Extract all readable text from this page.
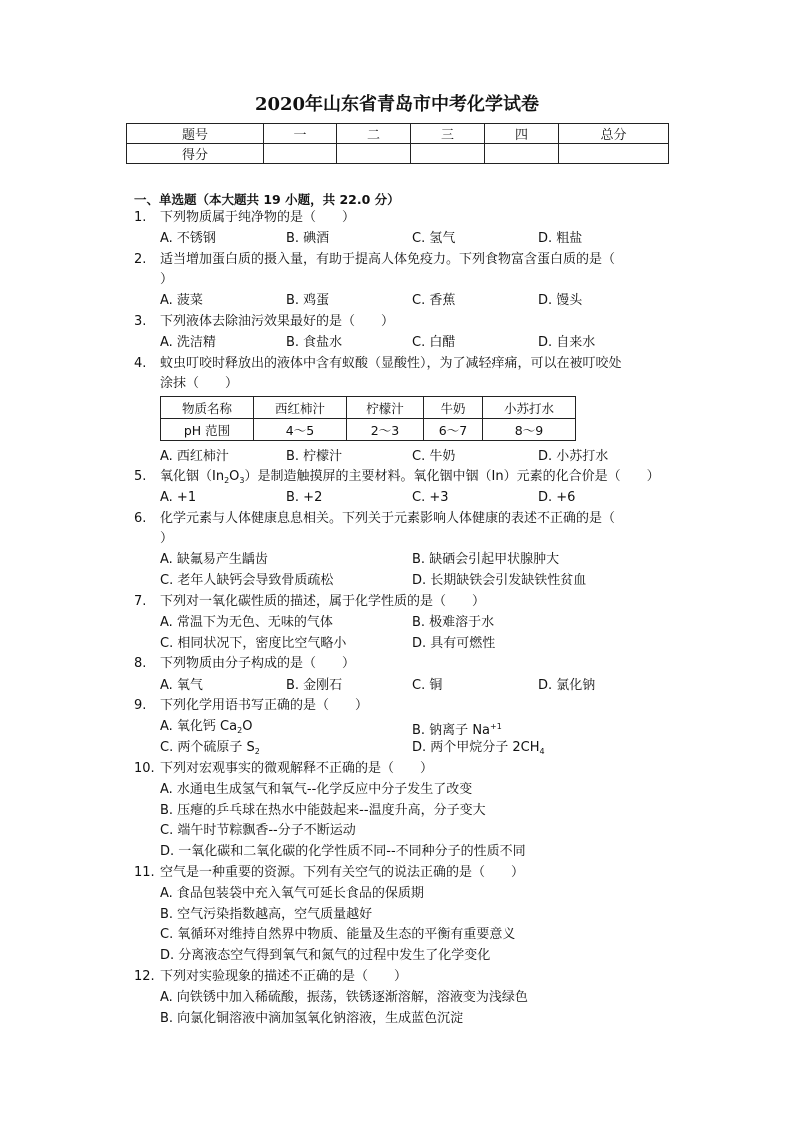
2020年山东省青岛市中考化学试卷
题号	一	二	三	四	总分
得分					
一、单选题（本大题共 19 小题，共 22.0 分）
1. 下列物质属于纯净物的是（　　）
A. 不锈钢	B. 碘酒	C. 氢气	D. 粗盐
2. 适当增加蛋白质的摄入量，有助于提高人体免疫力。下列食物富含蛋白质的是（
）
A. 菠菜	B. 鸡蛋	C. 香蕉	D. 馒头
3. 下列液体去除油污效果最好的是（　　）
A. 洗洁精	B. 食盐水	C. 白醋	D. 自来水
4. 蚊虫叮咬时释放出的液体中含有蚁酸（显酸性），为了减轻痒痛，可以在被叮咬处
涂抹（　　）
物质名称	西红柿汁	柠檬汁	牛奶	小苏打水
pH 范围	4～5	2～3	6～7	8～9
A. 西红柿汁	B. 柠檬汁	C. 牛奶	D. 小苏打水
5. 氧化铟$(In_2O_3)$是制造触摸屏的主要材料。氧化铟中铟（In）元素的化合价是（　　）
A. +1	B. +2	C. +3	D. +6
6. 化学元素与人体健康息息相关。下列关于元素影响人体健康的表述不正确的是（
）
A. 缺氟易产生龋齿	B. 缺硒会引起甲状腺肿大
C. 老年人缺钙会导致骨质疏松	D. 长期缺铁会引发缺铁性贫血
7. 下列对一氧化碳性质的描述，属于化学性质的是（　　）
A. 常温下为无色、无味的气体	B. 极难溶于水
C. 相同状况下，密度比空气略小	D. 具有可燃性
8. 下列物质由分子构成的是（　　）
A. 氧气	B. 金刚石	C. 铜	D. 氯化钠
9. 下列化学用语书写正确的是（　　）
A. 氧化钙 $Ca_2O$	B. 钠离子 $Na^{+1}$
C. 两个硫原子 $S_2$	D. 两个甲烷分子 $2CH_4$
10. 下列对宏观事实的微观解释不正确的是（　　）
A. 水通电生成氢气和氧气--化学反应中分子发生了改变
B. 压瘪的乒乓球在热水中能鼓起来--温度升高，分子变大
C. 端午时节粽飘香--分子不断运动
D. 一氧化碳和二氧化碳的化学性质不同--不同种分子的性质不同
11. 空气是一种重要的资源。下列有关空气的说法正确的是（　　）
A. 食品包装袋中充入氧气可延长食品的保质期
B. 空气污染指数越高，空气质量越好
C. 氧循环对维持自然界中物质、能量及生态的平衡有重要意义
D. 分离液态空气得到氧气和氮气的过程中发生了化学变化
12. 下列对实验现象的描述不正确的是（　　）
A. 向铁锈中加入稀硫酸，振荡，铁锈逐渐溶解，溶液变为浅绿色
B. 向氯化铜溶液中滴加氢氧化钠溶液，生成蓝色沉淀
